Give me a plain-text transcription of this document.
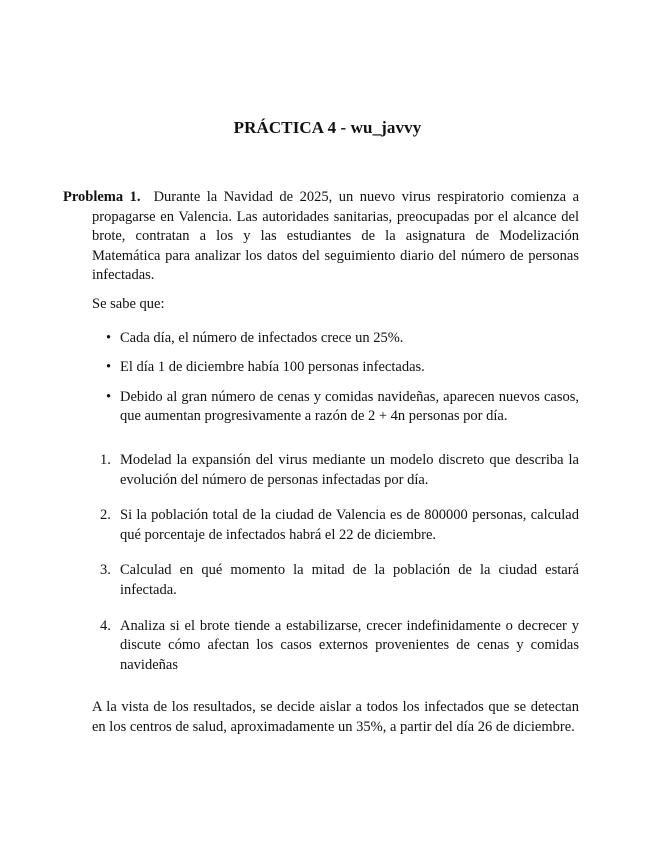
PRÁCTICA 4 - wu_javvy

Problema 1. Durante la Navidad de 2025, un nuevo virus respiratorio comienza a propagarse en Valencia. Las autoridades sanitarias, preocupadas por el alcance del brote, contratan a los y las estudiantes de la asignatura de Modelización Matemática para analizar los datos del seguimiento diario del número de personas infectadas.

Se sabe que:

• Cada día, el número de infectados crece un 25%.
• El día 1 de diciembre había 100 personas infectadas.
• Debido al gran número de cenas y comidas navideñas, aparecen nuevos casos, que aumentan progresivamente a razón de 2 + 4n personas por día.
1. Modelad la expansión del virus mediante un modelo discreto que describa la evolución del número de personas infectadas por día.
2. Si la población total de la ciudad de Valencia es de 800000 personas, calculad qué porcentaje de infectados habrá el 22 de diciembre.
3. Calculad en qué momento la mitad de la población de la ciudad estará infectada.
4. Analiza si el brote tiende a estabilizarse, crecer indefinidamente o decrecer y discute cómo afectan los casos externos provenientes de cenas y comidas navideñas

A la vista de los resultados, se decide aislar a todos los infectados que se detectan en los centros de salud, aproximadamente un 35%, a partir del día 26 de diciembre.
